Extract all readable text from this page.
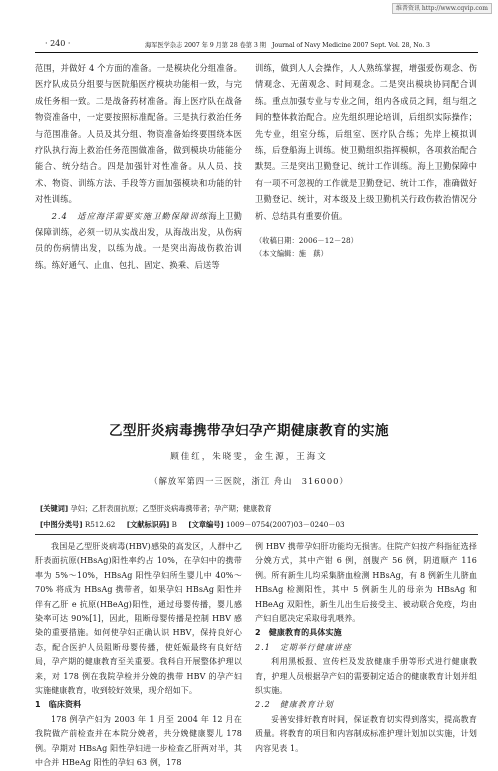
维普资讯 http://www.cqvip.com
· 240 ·	海军医学杂志 2007 年 9 月第 28 卷第 3 期　Journal of Navy Medicine 2007 Sept. Vol. 28, No. 3

范围，并做好 4 个方面的准备。一是模块化分组准备。医疗队成员分组要与医院船医疗模块功能相一致，与完成任务相一致。二是战备药材准备。海上医疗队在战备物资准备中，一定要按照标准配备。三是执行救治任务与范围准备。人员及其分组、物资准备始终要围绕本医疗队执行海上救治任务范围做准备，做到模块功能能分能合、统分结合。四是加强针对性准备。从人员、技术、物资、训练方法、手段等方面加强模块和功能的针对性训练。

2.4　适应海洋需要实施卫勤保障训练海上卫勤保障训练，必须一切从实战出发，从海战出发，从伤病员的伤病情出发，以练为战。一是突出海战伤救治训练。练好通气、止血、包扎、固定、换乘、后送等

训练，做到人人会操作，人人熟练掌握，增强爱伤观念、伤情观念、无菌观念、时间观念。二是突出模块协同配合训练。重点加强专业与专业之间，组内各成员之间，组与组之间的整体救治配合。应先组织理论培训，后组织实际操作；先专业，组室分练，后组室、医疗队合练；先岸上模拟训练，后登船海上训练。使卫勤组织指挥模帜，各项救治配合默契。三是突出卫勤登记、统计工作训练。海上卫勤保障中有一项不可忽视的工作就是卫勤登记、统计工作，准确做好卫勤登记、统计，对本级及上级卫勤机关行政伤救治情况分析、总结具有重要价值。

（收稿日期：2006－12－28）

（本文编辑：施　蕻）

乙型肝炎病毒携带孕妇孕产期健康教育的实施
顾佳红，朱晓雯，金生源，王海文
（解放军第四一三医院，浙江 舟山　316000）
[关键词] 孕妇；乙肝表面抗原；乙型肝炎病毒携带者；孕产期；健康教育
[中图分类号] R512.62 [文献标识码] B [文章编号] 1009－0754(2007)03－0240－03

我国是乙型肝炎病毒(HBV)感染的高发区，人群中乙肝表面抗原(HBsAg)阳性率约占 10%，在孕妇中的携带率为 5%～10%，HBsAg 阳性孕妇所生婴儿中 40%～70% 将成为 HBsAg 携带者，如果孕妇 HBsAg 阳性并伴有乙肝 e 抗原(HBeAg)阳性，通过母婴传播，婴儿感染率可达 90%[1]，因此，阻断母婴传播是控制 HBV 感染的重要措施。如何使孕妇正确认识 HBV，保持良好心态，配合医护人员阻断母婴传播，使妊娠最终有良好结局，孕产期的健康教育至关重要。我科自开展整体护理以来，对 178 例在我院孕检并分娩的携带 HBV 的孕产妇实施健康教育，收到较好效果，现介绍如下。

1　临床资料

178 例孕产妇为 2003 年 1 月至 2004 年 12 月在我院做产前检查并在本院分娩者，共分娩健康婴儿 178 例。孕期对 HBsAg 阳性孕妇进一步检查乙肝两对半，其中合并 HBeAg 阳性的孕妇 63 例，178

例 HBV 携带孕妇肝功能均无损害。住院产妇按产科指征选择分娩方式，其中产钳 6 例，剖腹产 56 例，阴道顺产 116 例。所有新生儿均采集脐血检测 HBsAg，有 8 例新生儿脐血 HBsAg 检测阳性，其中 5 例新生儿的母亲为 HBsAg 和 HBeAg 双阳性，新生儿出生后接受主、被动联合免疫，均由产妇自愿决定采取母乳喂养。

2　健康教育的具体实施

2.1　定期举行健康讲座

利用黑板报、宣传栏及发放健康手册等形式进行健康教育，护理人员根据孕产妇的需要制定适合的健康教育计划并组织实施。

2.2　健康教育计划

妥善安排好教育时间，保证教育切实得到落实，提高教育质量。将教育的项目和内容制成标准护理计划加以实施，计划内容见表 1。
